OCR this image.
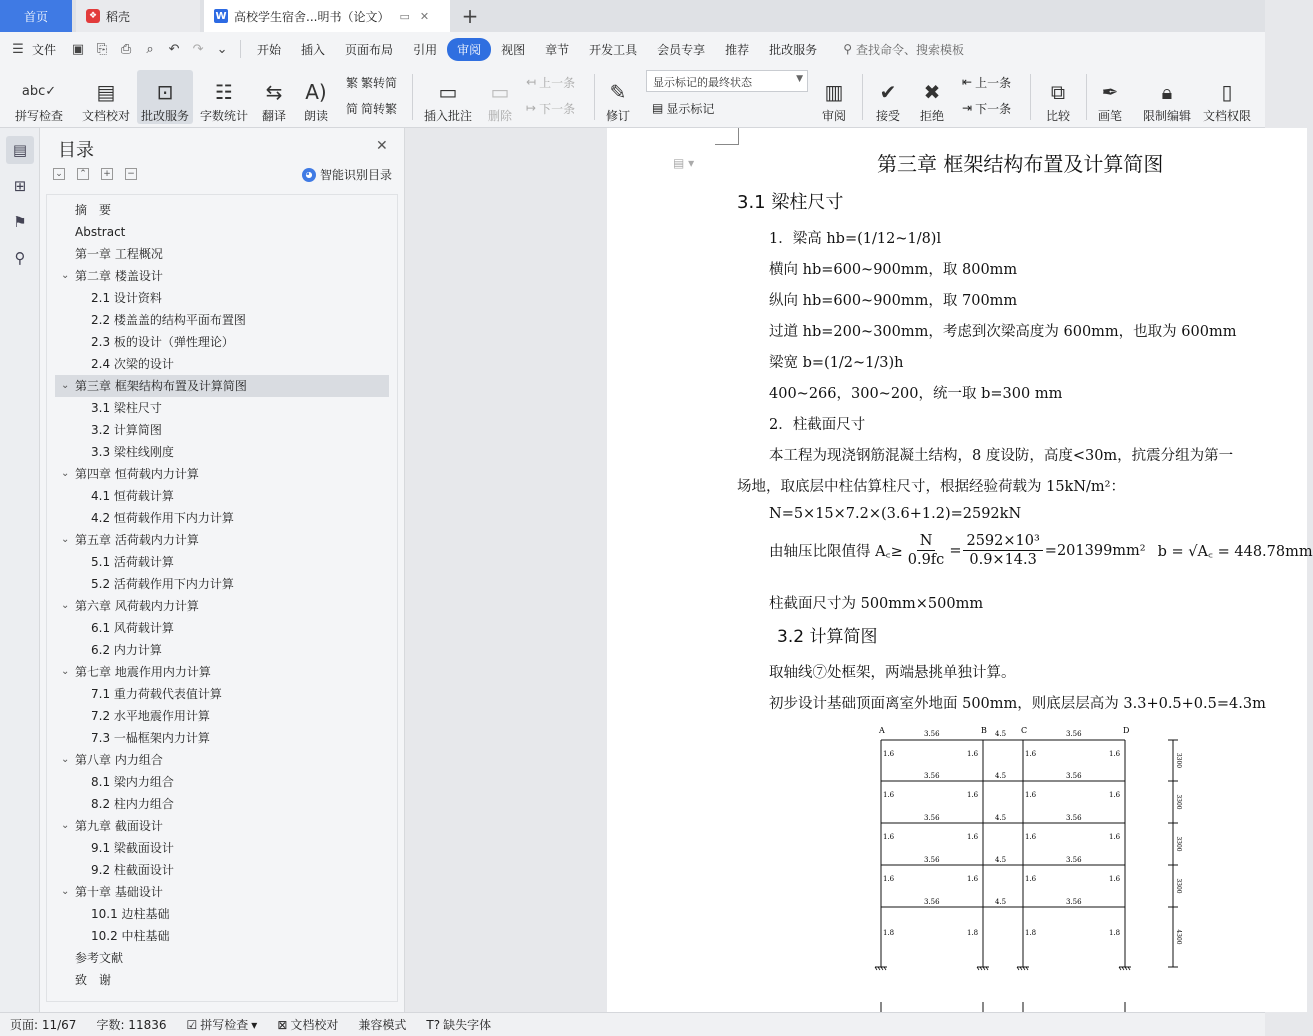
首页	❖ 稻壳	W 高校学生宿舍...明书（论文） ▭ ✕ +
☰ 文件	▣ ⎘	⎙	⌕	↶	↷	⌄	开始	插入	页面布局	引用	审阅	视图	章节	开发工具	会员专享	推荐	批改服务	⚲ 查找命令、搜索模板
abc✓
拼写检查
▤
文档校对
⊡
批改服务
☷
字数统计
⇆
翻译
A)
朗读
繁 繁转简
简 简转繁
▭
插入批注
▭
删除
↤ 上一条
↦ 下一条
✎
修订
▤ 显示标记
▥
审阅
✔
接受
✖
拒绝
⇤ 上一条
⇥ 下一条
⧉
比较
✒
画笔
🔒︎
限制编辑
▯
文档权限
显示标记的最终状态	▼
▤
⊞
⚑
⚲
目录	✕
⌄ ⌃ + −	◕ 智能识别目录
摘　要
Abstract
第一章 工程概况
⌄ 第二章 楼盖设计
2.1 设计资料
2.2 楼盖盖的结构平面布置图
2.3 板的设计（弹性理论）
2.4 次梁的设计
⌄ 第三章 框架结构布置及计算简图
3.1 梁柱尺寸
3.2 计算简图
3.3 梁柱线刚度
⌄ 第四章 恒荷载内力计算
4.1 恒荷载计算
4.2 恒荷载作用下内力计算
⌄ 第五章 活荷载内力计算
5.1 活荷载计算
5.2 活荷载作用下内力计算
⌄ 第六章 风荷载内力计算
6.1 风荷载计算
6.2 内力计算
⌄ 第七章 地震作用内力计算
7.1 重力荷载代表值计算
7.2 水平地震作用计算
7.3 一榀框架内力计算
⌄ 第八章 内力组合
8.1 梁内力组合
8.2 柱内力组合
⌄ 第九章 截面设计
9.1 梁截面设计
9.2 柱截面设计
⌄ 第十章 基础设计
10.1 边柱基础
10.2 中柱基础
参考文献
致　谢
▤ ▾	第三章 框架结构布置及计算简图
3.1 梁柱尺寸
1．梁高 hb=(1/12~1/8)l
横向 hb=600~900mm，取 800mm
纵向 hb=600~900mm，取 700mm
过道 hb=200~300mm，考虑到次梁高度为 600mm，也取为 600mm
梁宽 b=(1/2~1/3)h
400~266，300~200，统一取 b=300 mm
2．柱截面尺寸
本工程为现浇钢筋混凝土结构，8 度设防，高度<30m，抗震分组为第一
场地，取底层中柱估算柱尺寸，根据经验荷载为 15kN/m²：
N=5×15×7.2×(3.6+1.2)=2592kN
由轴压比限值得 A꜀≥ $\frac{N}{0.9fc} = \frac{\text{2592×10³}}{0.9\times 14.3} =201399mm^2$ b = √A꜀ = 448.78mm
柱截面尺寸为 500mm×500mm
3.2 计算简图
取轴线⑦处框架，两端悬挑单独计算。
初步设计基础顶面离室外地面 500mm，则底层层高为 3.3+0.5+0.5=4.3m
A	B	C	D
3.56	4.5	3.56
3.56	4.5	3.56
3.56	4.5	3.56
3.56	4.5	3.56
3.56	4.5	3.56
1.6	1.6	1.6	1.6
1.6	1.6	1.6	1.6
1.6	1.6	1.6	1.6
1.6	1.6	1.6	1.6
1.8	1.8	1.8	1.8
3300
3300
3300
3300
4300
页面: 11/67	字数: 11836	☑ 拼写检查 ▾ ⊠ 文档校对	兼容模式	T? 缺失字体
